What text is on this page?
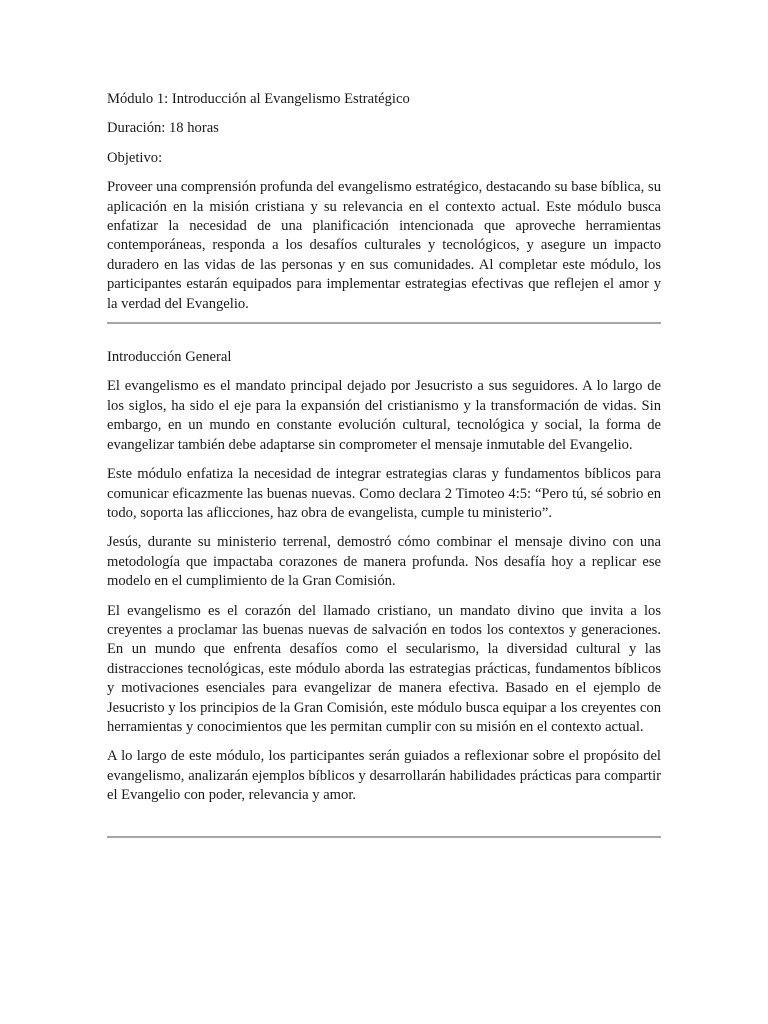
Módulo 1: Introducción al Evangelismo Estratégico

Duración: 18 horas

Objetivo:

Proveer una comprensión profunda del evangelismo estratégico, destacando su base bíblica, su aplicación en la misión cristiana y su relevancia en el contexto actual. Este módulo busca enfatizar la necesidad de una planificación intencionada que aproveche herramientas contemporáneas, responda a los desafíos culturales y tecnológicos, y asegure un impacto duradero en las vidas de las personas y en sus comunidades. Al completar este módulo, los participantes estarán equipados para implementar estrategias efectivas que reflejen el amor y la verdad del Evangelio.

Introducción General

El evangelismo es el mandato principal dejado por Jesucristo a sus seguidores. A lo largo de los siglos, ha sido el eje para la expansión del cristianismo y la transformación de vidas. Sin embargo, en un mundo en constante evolución cultural, tecnológica y social, la forma de evangelizar también debe adaptarse sin comprometer el mensaje inmutable del Evangelio.

Este módulo enfatiza la necesidad de integrar estrategias claras y fundamentos bíblicos para comunicar eficazmente las buenas nuevas. Como declara 2 Timoteo 4:5: “Pero tú, sé sobrio en todo, soporta las aflicciones, haz obra de evangelista, cumple tu ministerio”.

Jesús, durante su ministerio terrenal, demostró cómo combinar el mensaje divino con una metodología que impactaba corazones de manera profunda. Nos desafía hoy a replicar ese modelo en el cumplimiento de la Gran Comisión.

El evangelismo es el corazón del llamado cristiano, un mandato divino que invita a los creyentes a proclamar las buenas nuevas de salvación en todos los contextos y generaciones. En un mundo que enfrenta desafíos como el secularismo, la diversidad cultural y las distracciones tecnológicas, este módulo aborda las estrategias prácticas, fundamentos bíblicos y motivaciones esenciales para evangelizar de manera efectiva. Basado en el ejemplo de Jesucristo y los principios de la Gran Comisión, este módulo busca equipar a los creyentes con herramientas y conocimientos que les permitan cumplir con su misión en el contexto actual.

A lo largo de este módulo, los participantes serán guiados a reflexionar sobre el propósito del evangelismo, analizarán ejemplos bíblicos y desarrollarán habilidades prácticas para compartir el Evangelio con poder, relevancia y amor.
